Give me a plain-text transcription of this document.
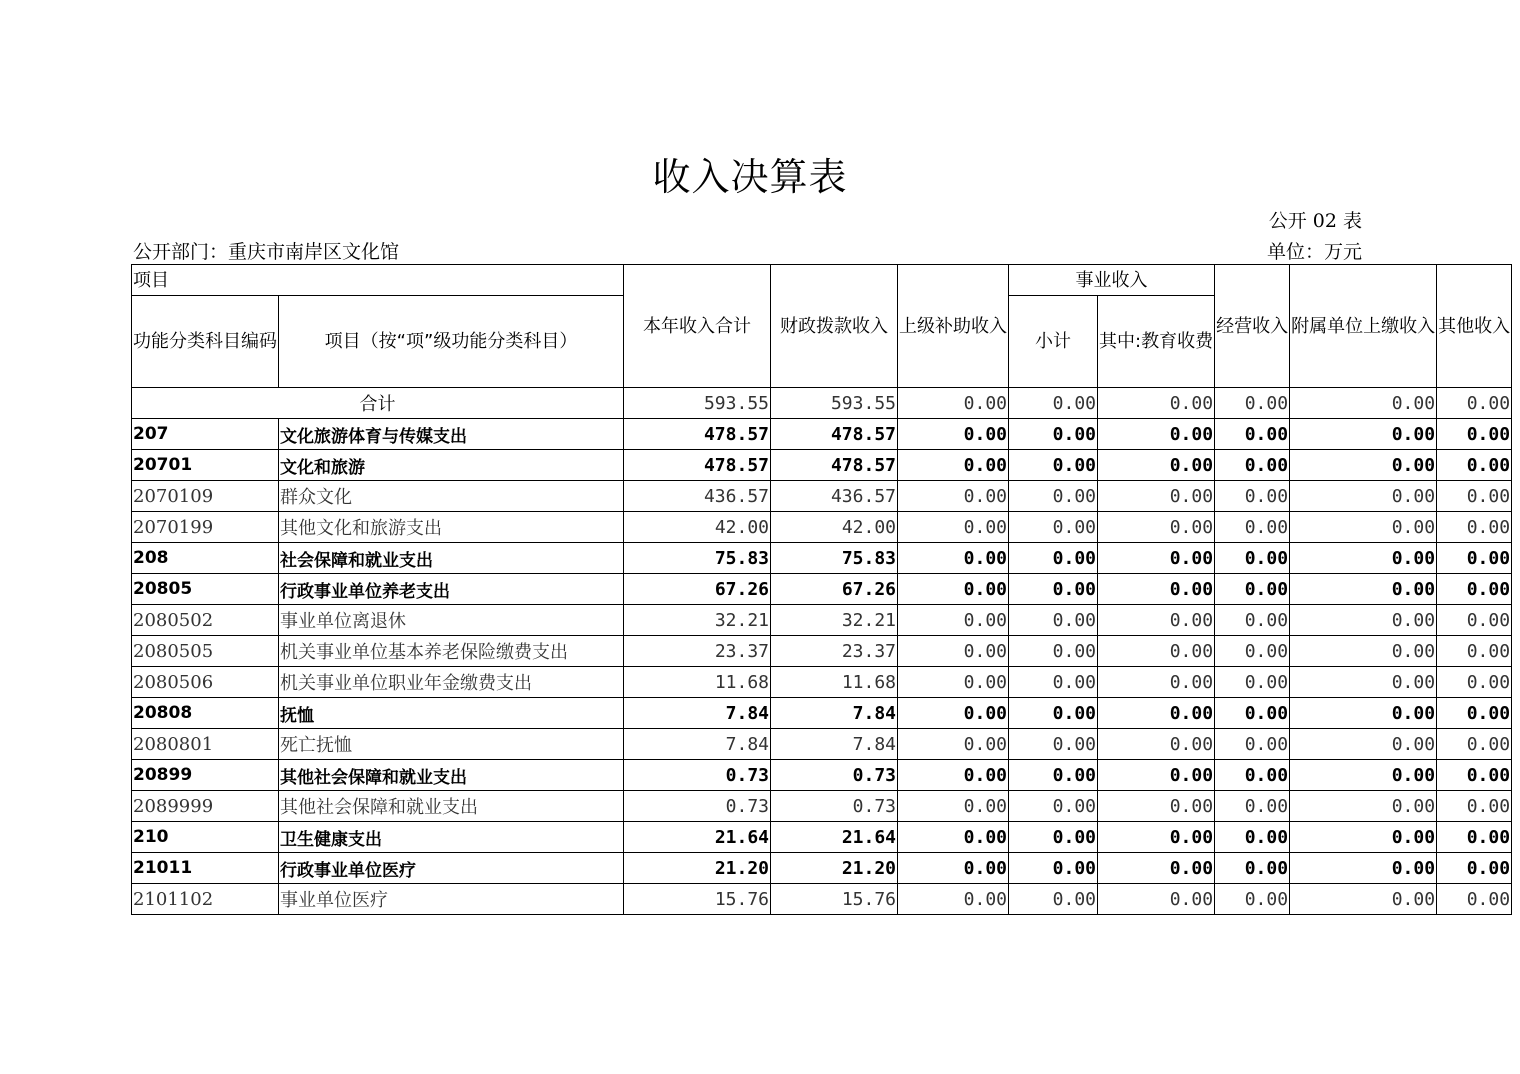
收入决算表
公开 02 表
公开部门：重庆市南岸区文化馆	单位：万元
项目		本年收入合计	财政拨款收入	上级补助收入	事业收入		经营收入	附属单位上缴收入	其他收入
功能分类科目编码	项目（按“项”级功能分类科目）				小计	其中:教育收费			
合计		593.55	593.55	0.00	0.00	0.00	0.00	0.00	0.00
207	文化旅游体育与传媒支出	478.57	478.57	0.00	0.00	0.00	0.00	0.00	0.00
20701	文化和旅游	478.57	478.57	0.00	0.00	0.00	0.00	0.00	0.00
2070109	群众文化	436.57	436.57	0.00	0.00	0.00	0.00	0.00	0.00
2070199	其他文化和旅游支出	42.00	42.00	0.00	0.00	0.00	0.00	0.00	0.00
208	社会保障和就业支出	75.83	75.83	0.00	0.00	0.00	0.00	0.00	0.00
20805	行政事业单位养老支出	67.26	67.26	0.00	0.00	0.00	0.00	0.00	0.00
2080502	事业单位离退休	32.21	32.21	0.00	0.00	0.00	0.00	0.00	0.00
2080505	机关事业单位基本养老保险缴费支出	23.37	23.37	0.00	0.00	0.00	0.00	0.00	0.00
2080506	机关事业单位职业年金缴费支出	11.68	11.68	0.00	0.00	0.00	0.00	0.00	0.00
20808	抚恤	7.84	7.84	0.00	0.00	0.00	0.00	0.00	0.00
2080801	死亡抚恤	7.84	7.84	0.00	0.00	0.00	0.00	0.00	0.00
20899	其他社会保障和就业支出	0.73	0.73	0.00	0.00	0.00	0.00	0.00	0.00
2089999	其他社会保障和就业支出	0.73	0.73	0.00	0.00	0.00	0.00	0.00	0.00
210	卫生健康支出	21.64	21.64	0.00	0.00	0.00	0.00	0.00	0.00
21011	行政事业单位医疗	21.20	21.20	0.00	0.00	0.00	0.00	0.00	0.00
2101102	事业单位医疗	15.76	15.76	0.00	0.00	0.00	0.00	0.00	0.00
